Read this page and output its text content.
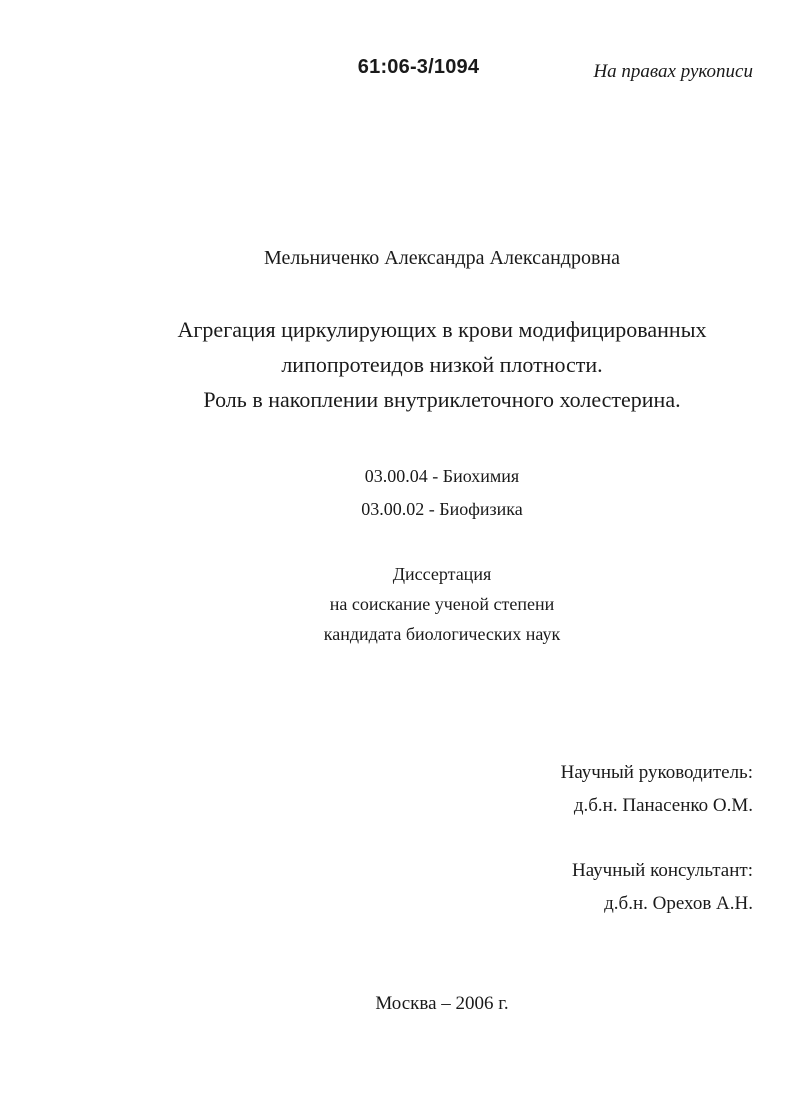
61:06-3/1094	На правах рукописи
Мельниченко Александра Александровна
Агрегация циркулирующих в крови модифицированных
липопротеидов низкой плотности.
Роль в накоплении внутриклеточного холестерина.
03.00.04 - Биохимия
03.00.02 - Биофизика
Диссертация
на соискание ученой степени
кандидата биологических наук
Научный руководитель:
д.б.н. Панасенко О.М.
Научный консультант:
д.б.н. Орехов А.Н.
Москва – 2006 г.
